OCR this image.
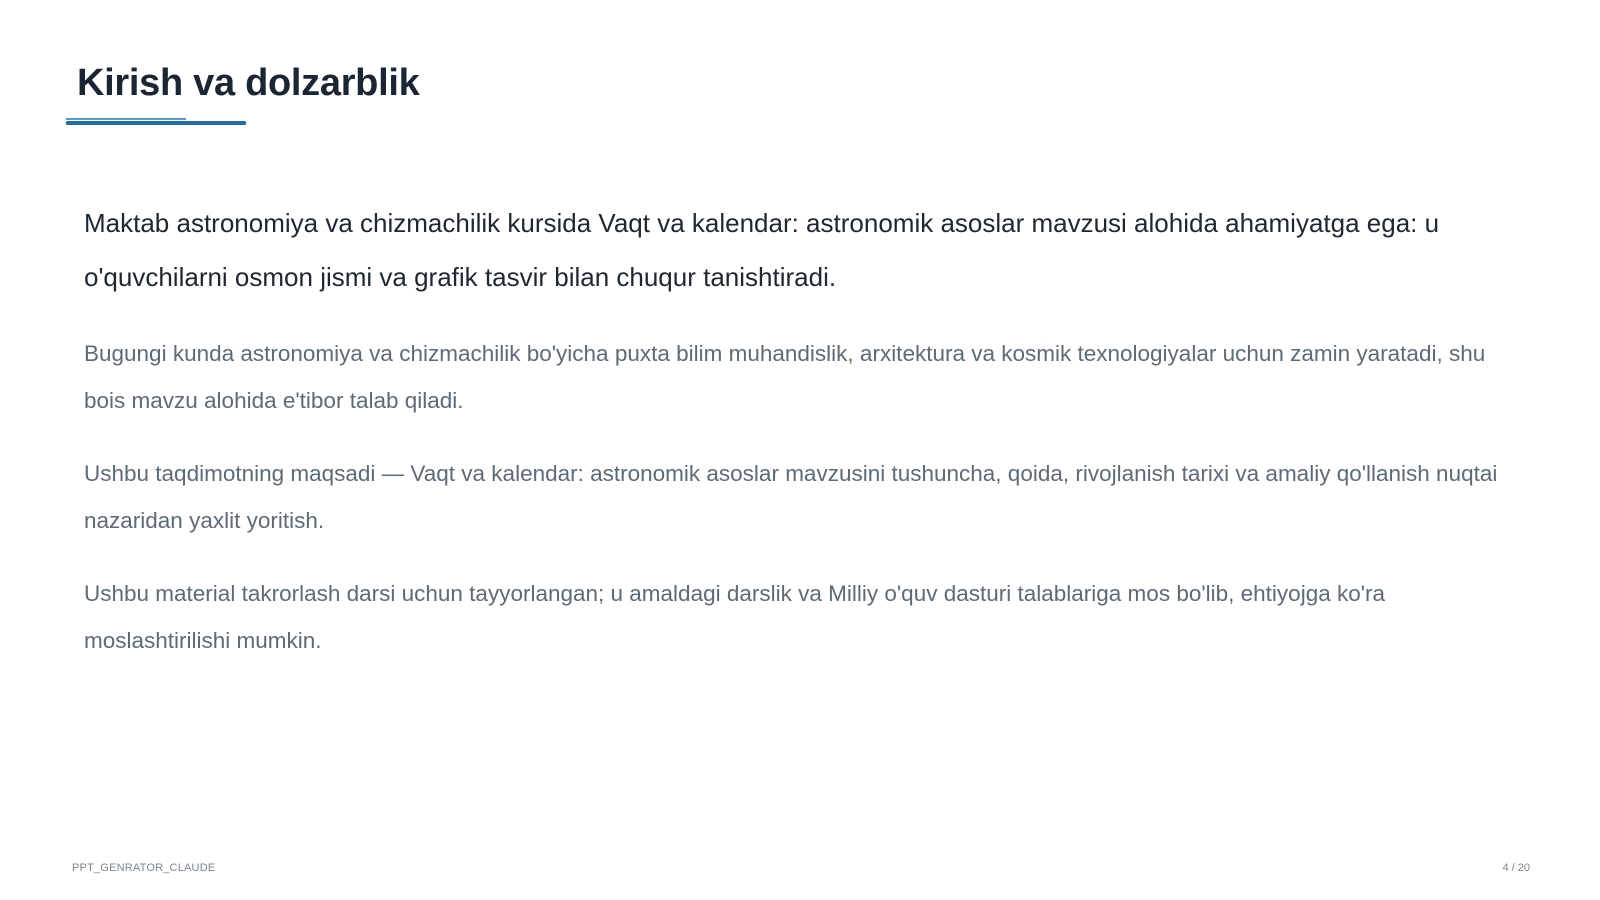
Kirish va dolzarblik

Maktab astronomiya va chizmachilik kursida Vaqt va kalendar: astronomik asoslar mavzusi alohida ahamiyatga ega: u o'quvchilarni osmon jismi va grafik tasvir bilan chuqur tanishtiradi.

Bugungi kunda astronomiya va chizmachilik bo'yicha puxta bilim muhandislik, arxitektura va kosmik texnologiyalar uchun zamin yaratadi, shu bois mavzu alohida e'tibor talab qiladi.

Ushbu taqdimotning maqsadi — Vaqt va kalendar: astronomik asoslar mavzusini tushuncha, qoida, rivojlanish tarixi va amaliy qo'llanish nuqtai nazaridan yaxlit yoritish.

Ushbu material takrorlash darsi uchun tayyorlangan; u amaldagi darslik va Milliy o'quv dasturi talablariga mos bo'lib, ehtiyojga ko'ra moslashtirilishi mumkin.

PPT_GENRATOR_CLAUDE	4 / 20
